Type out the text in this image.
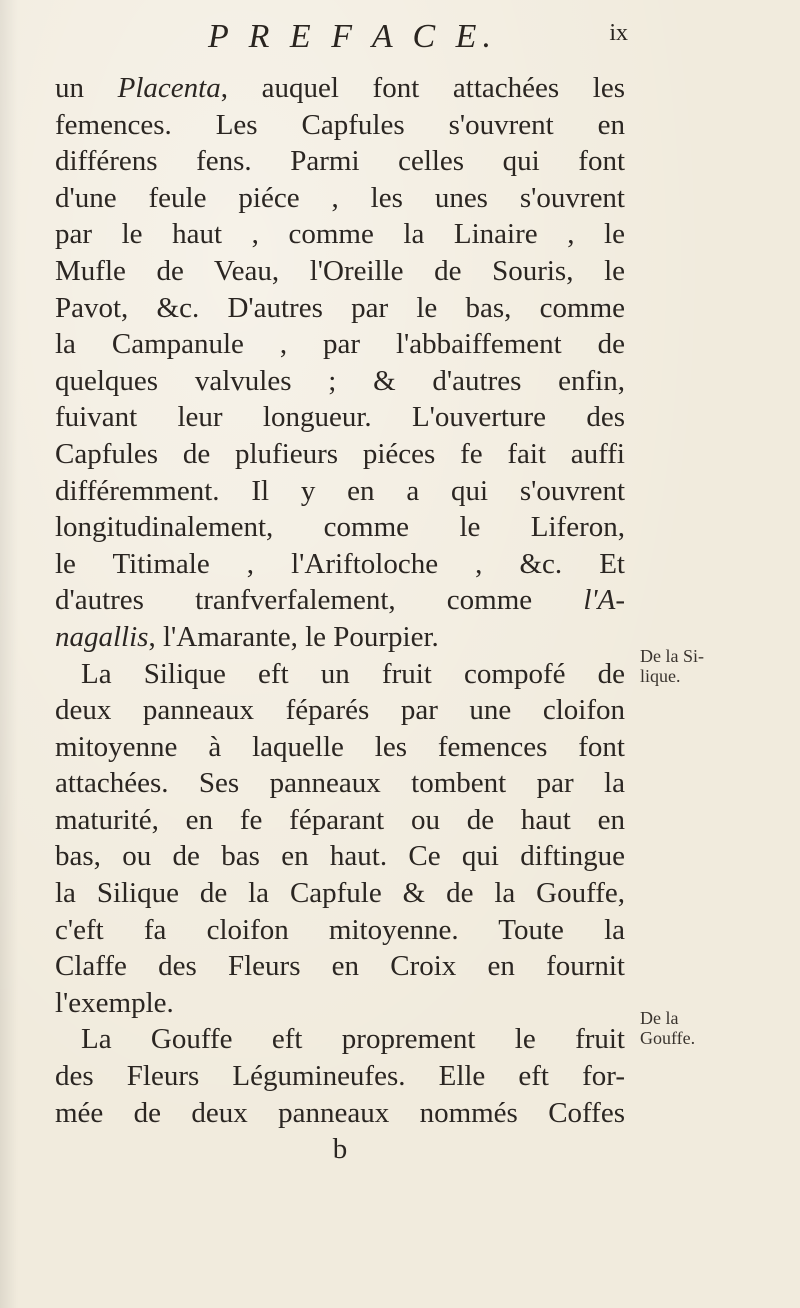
P R E F A C E.	ix
un Placenta, auquel font attachées les
femences. Les Capfules s'ouvrent en
différens fens. Parmi celles qui font
d'une feule piéce , les unes s'ouvrent
par le haut , comme la Linaire , le
Mufle de Veau, l'Oreille de Souris, le
Pavot, &c. D'autres par le bas, comme
la Campanule , par l'abbaiffement de
quelques valvules ; & d'autres enfin,
fuivant leur longueur. L'ouverture des
Capfules de plufieurs piéces fe fait auffi
différemment. Il y en a qui s'ouvrent
longitudinalement, comme le Liferon,
le Titimale , l'Ariftoloche , &c. Et
d'autres tranfverfalement, comme l'A-
nagallis, l'Amarante, le Pourpier.
La Silique eft un fruit compofé de
deux panneaux féparés par une cloifon
mitoyenne à laquelle les femences font
attachées. Ses panneaux tombent par la
maturité, en fe féparant ou de haut en
bas, ou de bas en haut. Ce qui diftingue
la Silique de la Capfule & de la Gouffe,
c'eft fa cloifon mitoyenne. Toute la
Claffe des Fleurs en Croix en fournit
l'exemple.
La Gouffe eft proprement le fruit
des Fleurs Légumineufes. Elle eft for-
mée de deux panneaux nommés Coffes
b
De la Si-
lique.
De la
Gouffe.
